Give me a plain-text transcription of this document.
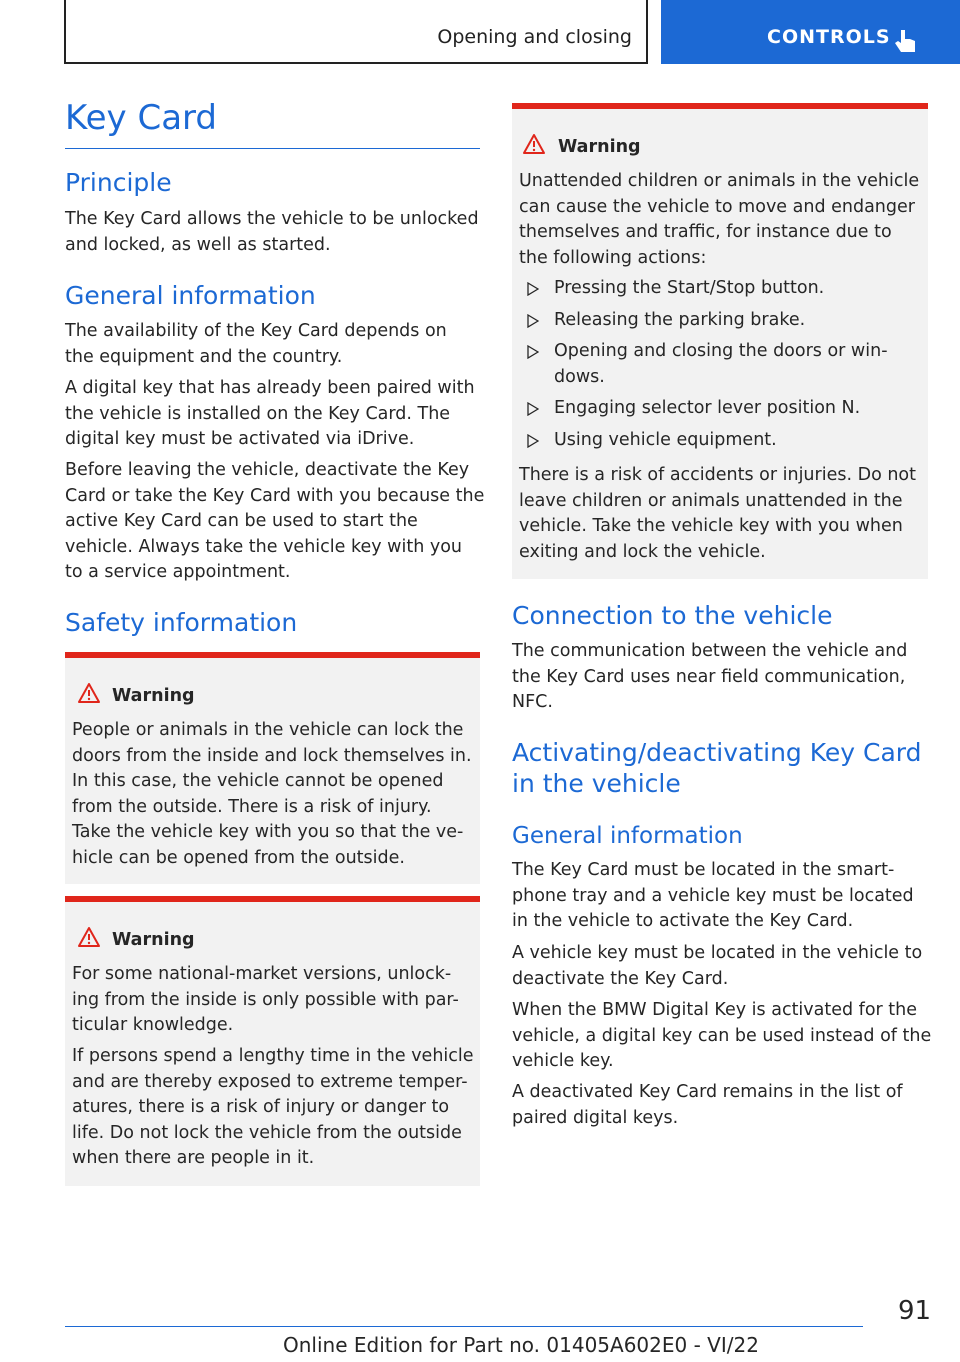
Opening and closing	CONTROLS
Key Card
Principle

The Key Card allows the vehicle to be unlocked and locked, as well as started.

General information

The availability of the Key Card depends on the equipment and the country.

A digital key that has already been paired with the vehicle is installed on the Key Card. The digital key must be activated via iDrive.

Before leaving the vehicle, deactivate the Key Card or take the Key Card with you because the active Key Card can be used to start the vehicle. Always take the vehicle key with you to a service appointment.

Safety information
Warning

People or animals in the vehicle can lock the doors from the inside and lock themselves in. In this case, the vehicle cannot be opened from the outside. There is a risk of injury. Take the vehicle key with you so that the ve-hicle can be opened from the outside.

Warning

For some national-market versions, unlock-ing from the inside is only possible with par-ticular knowledge.

If persons spend a lengthy time in the vehicle and are thereby exposed to extreme temper-atures, there is a risk of injury or danger to life. Do not lock the vehicle from the outside when there are people in it.

Warning

Unattended children or animals in the vehicle can cause the vehicle to move and endanger themselves and traffic, for instance due to the following actions:

Pressing the Start/Stop button.
Releasing the parking brake.
Opening and closing the doors or win-dows.
Engaging selector lever position N.
Using vehicle equipment.

There is a risk of accidents or injuries. Do not leave children or animals unattended in the vehicle. Take the vehicle key with you when exiting and lock the vehicle.

Connection to the vehicle

The communication between the vehicle and the Key Card uses near field communication, NFC.

Activating/deactivating Key Card in the vehicle
General information

The Key Card must be located in the smart-phone tray and a vehicle key must be located in the vehicle to activate the Key Card.

A vehicle key must be located in the vehicle to deactivate the Key Card.

When the BMW Digital Key is activated for the vehicle, a digital key can be used instead of the vehicle key.

A deactivated Key Card remains in the list of paired digital keys.

91
Online Edition for Part no. 01405A602E0 - VI/22
